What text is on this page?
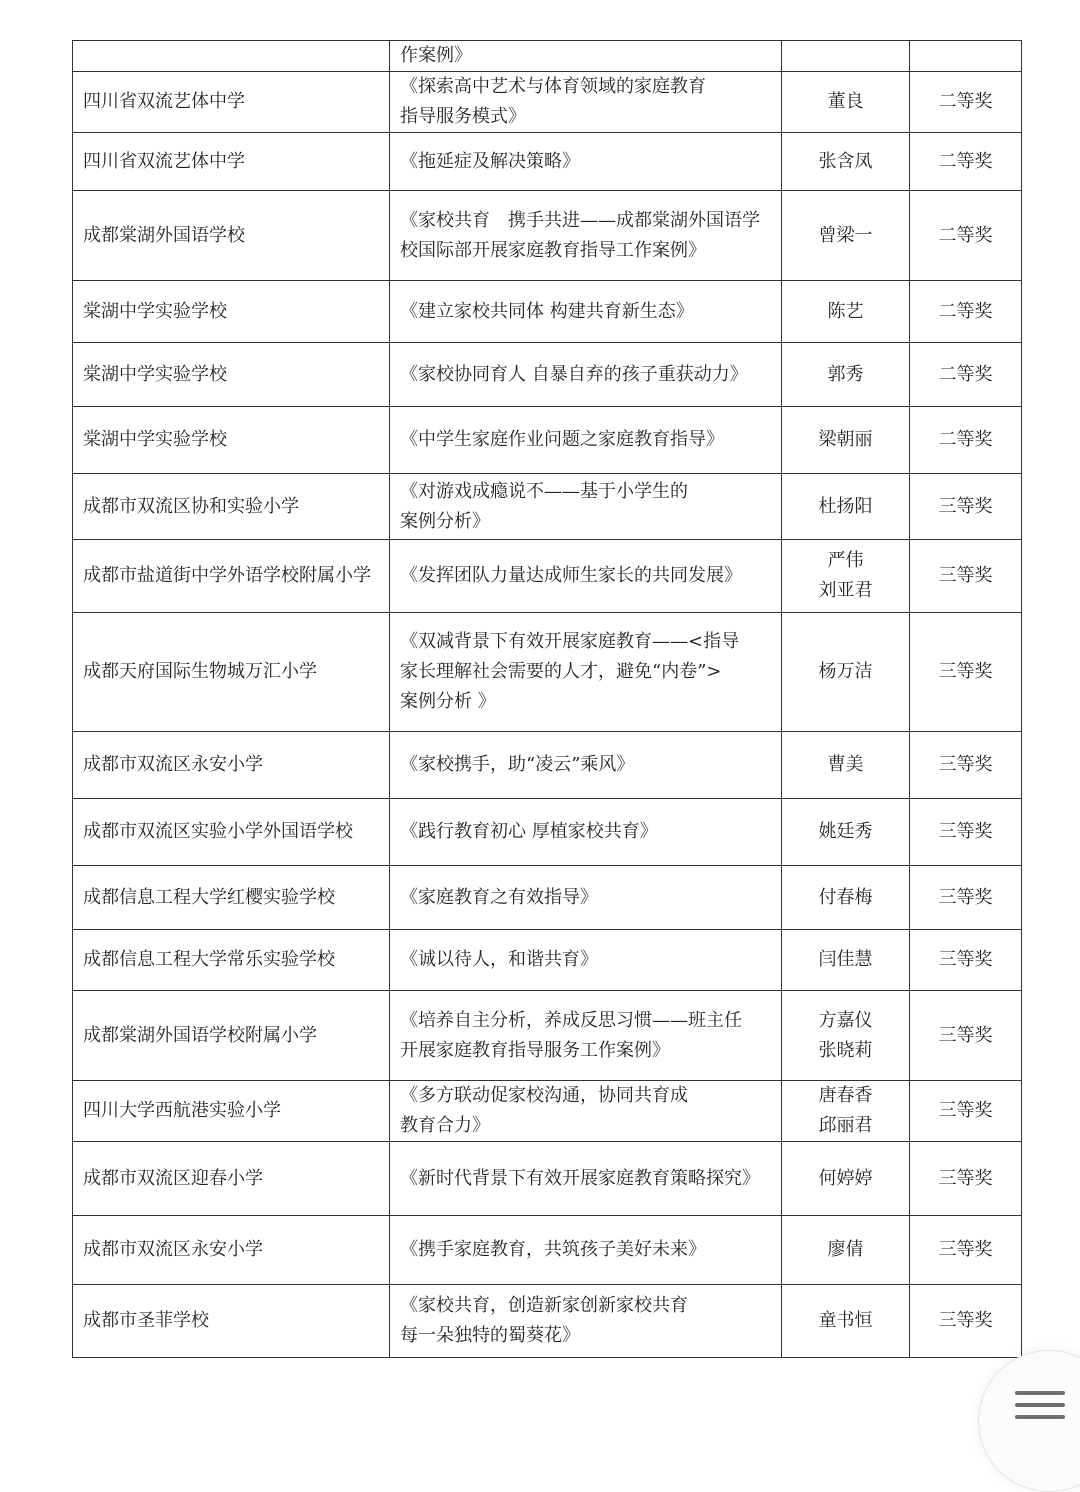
	作案例》		
四川省双流艺体中学	《探索高中艺术与体育领域的家庭教育
指导服务模式》	董良	二等奖
四川省双流艺体中学	《拖延症及解决策略》	张含凤	二等奖
成都棠湖外国语学校	《家校共育　携手共进——成都棠湖外国语学校国际部开展家庭教育指导工作案例》	曾梁一	二等奖
棠湖中学实验学校	《建立家校共同体 构建共育新生态》	陈艺	二等奖
棠湖中学实验学校	《家校协同育人 自暴自弃的孩子重获动力》	郭秀	二等奖
棠湖中学实验学校	《中学生家庭作业问题之家庭教育指导》	梁朝丽	二等奖
成都市双流区协和实验小学	《对游戏成瘾说不——基于小学生的
案例分析》	杜扬阳	三等奖
成都市盐道街中学外语学校附属小学	《发挥团队力量达成师生家长的共同发展》	严伟
刘亚君	三等奖
成都天府国际生物城万汇小学	《双减背景下有效开展家庭教育——<指导
家长理解社会需要的人才，避免“内卷”>
案例分析 》	杨万洁	三等奖
成都市双流区永安小学	《家校携手，助“凌云”乘风》	曹美	三等奖
成都市双流区实验小学外国语学校	《践行教育初心 厚植家校共育》	姚廷秀	三等奖
成都信息工程大学红樱实验学校	《家庭教育之有效指导》	付春梅	三等奖
成都信息工程大学常乐实验学校	《诚以待人，和谐共育》	闫佳慧	三等奖
成都棠湖外国语学校附属小学	《培养自主分析，养成反思习惯——班主任
开展家庭教育指导服务工作案例》	方嘉仪
张晓莉	三等奖
四川大学西航港实验小学	《多方联动促家校沟通，协同共育成
教育合力》	唐春香
邱丽君	三等奖
成都市双流区迎春小学	《新时代背景下有效开展家庭教育策略探究》	何婷婷	三等奖
成都市双流区永安小学	《携手家庭教育，共筑孩子美好未来》	廖倩	三等奖
成都市圣菲学校	《家校共育，创造新家创新家校共育
每一朵独特的蜀葵花》	童书恒	三等奖
